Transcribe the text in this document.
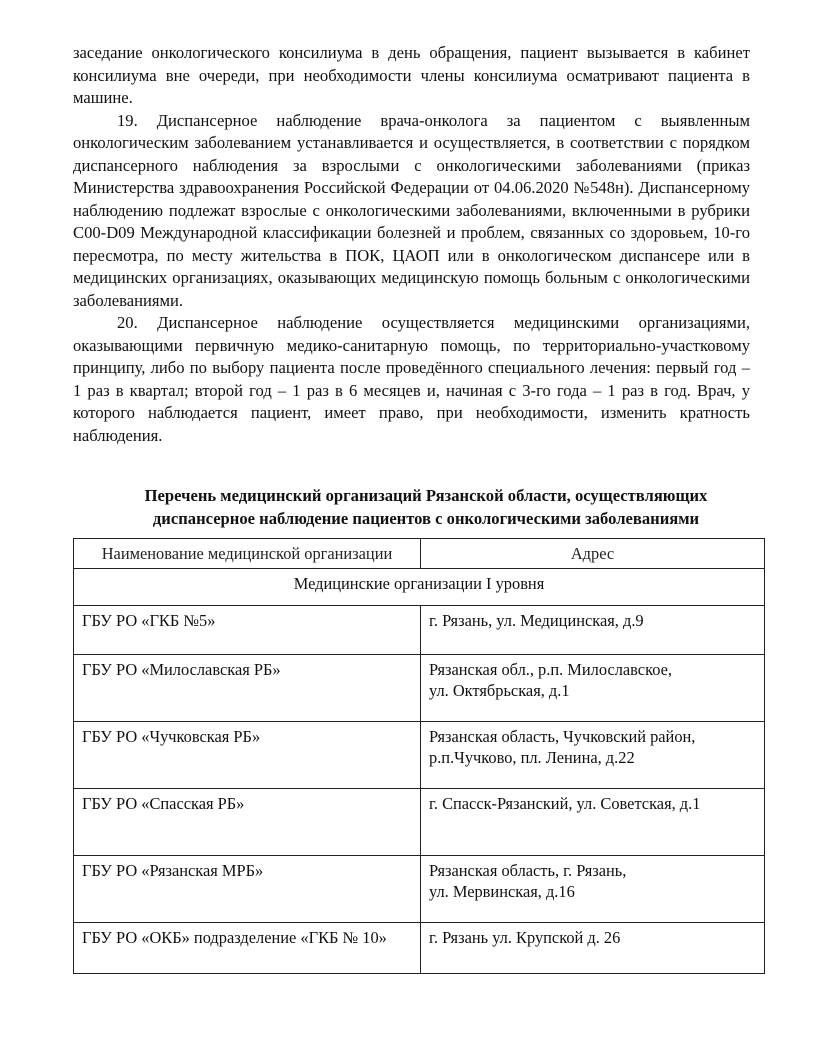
заседание онкологического консилиума в день обращения, пациент вызывается в кабинет консилиума вне очереди, при необходимости члены консилиума осматривают пациента в машине.

19. Диспансерное наблюдение врача-онколога за пациентом с выявленным онкологическим заболеванием устанавливается и осуществляется, в соответствии с порядком диспансерного наблюдения за взрослыми с онкологическими заболеваниями (приказ Министерства здравоохранения Российской Федерации от 04.06.2020 №548н). Диспансерному наблюдению подлежат взрослые с онкологическими заболеваниями, включенными в рубрики C00-D09 Международной классификации болезней и проблем, связанных со здоровьем, 10-го пересмотра, по месту жительства в ПОК, ЦАОП или в онкологическом диспансере или в медицинских организациях, оказывающих медицинскую помощь больным с онкологическими заболеваниями.

20. Диспансерное наблюдение осуществляется медицинскими организациями, оказывающими первичную медико-санитарную помощь, по территориально-участковому принципу, либо по выбору пациента после проведённого специального лечения: первый год – 1 раз в квартал; второй год – 1 раз в 6 месяцев и, начиная с 3-го года – 1 раз в год. Врач, у которого наблюдается пациент, имеет право, при необходимости, изменить кратность наблюдения.

Перечень медицинский организаций Рязанской области, осуществляющих диспансерное наблюдение пациентов с онкологическими заболеваниями
Наименование медицинской организации	Адрес
Медицинские организации I уровня	
ГБУ РО «ГКБ №5»	г. Рязань, ул. Медицинская, д.9
ГБУ РО «Милославская РБ»	Рязанская обл., р.п. Милославское,
ул. Октябрьская, д.1
ГБУ РО «Чучковская РБ»	Рязанская область, Чучковский район,
р.п.Чучково, пл. Ленина, д.22
ГБУ РО «Спасская РБ»	г. Спасск-Рязанский, ул. Советская, д.1
ГБУ РО «Рязанская МРБ»	Рязанская область, г. Рязань,
ул. Мервинская, д.16
ГБУ РО «ОКБ» подразделение «ГКБ № 10»	г. Рязань ул. Крупской д. 26
